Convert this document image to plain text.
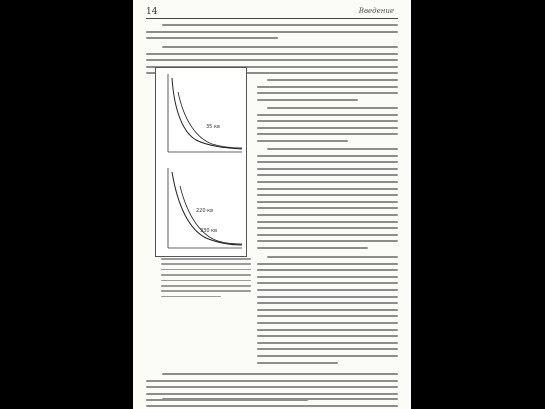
14	Введение
35 кв
220 кв
330 кв
